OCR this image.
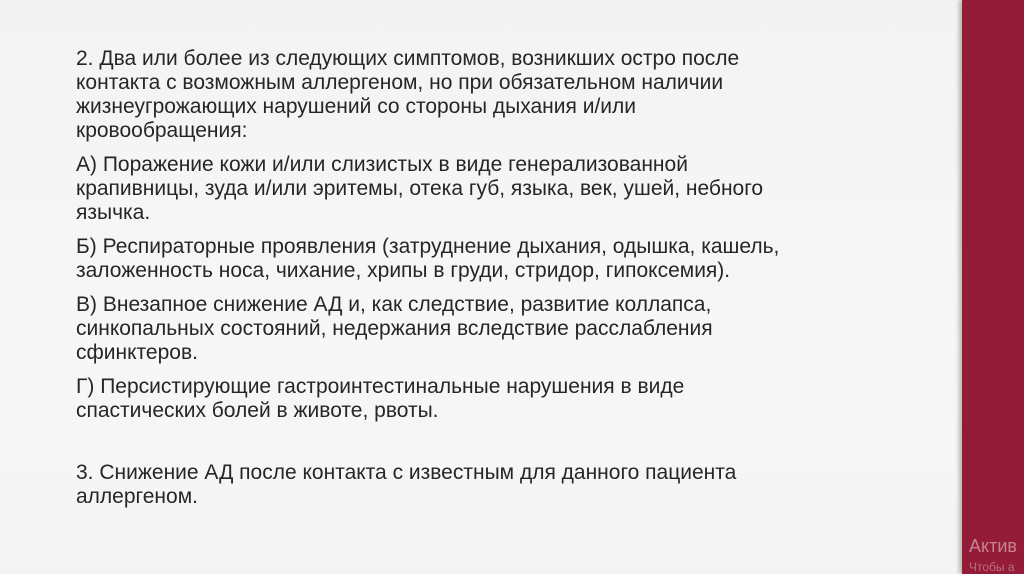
2. Два или более из следующих симптомов, возникших остро после
контакта с возможным аллергеном, но при обязательном наличии
жизнеугрожающих нарушений со стороны дыхания и/или
кровообращения:

А) Поражение кожи и/или слизистых в виде генерализованной
крапивницы, зуда и/или эритемы, отека губ, языка, век, ушей, небного
язычка.

Б) Респираторные проявления (затруднение дыхания, одышка, кашель,
заложенность носа, чихание, хрипы в груди, стридор, гипоксемия).

В) Внезапное снижение АД и, как следствие, развитие коллапса,
синкопальных состояний, недержания вследствие расслабления
сфинктеров.

Г) Персистирующие гастроинтестинальные нарушения в виде
спастических болей в животе, рвоты.

3. Снижение АД после контакта с известным для данного пациента
аллергеном.

Актив
Чтобы а
